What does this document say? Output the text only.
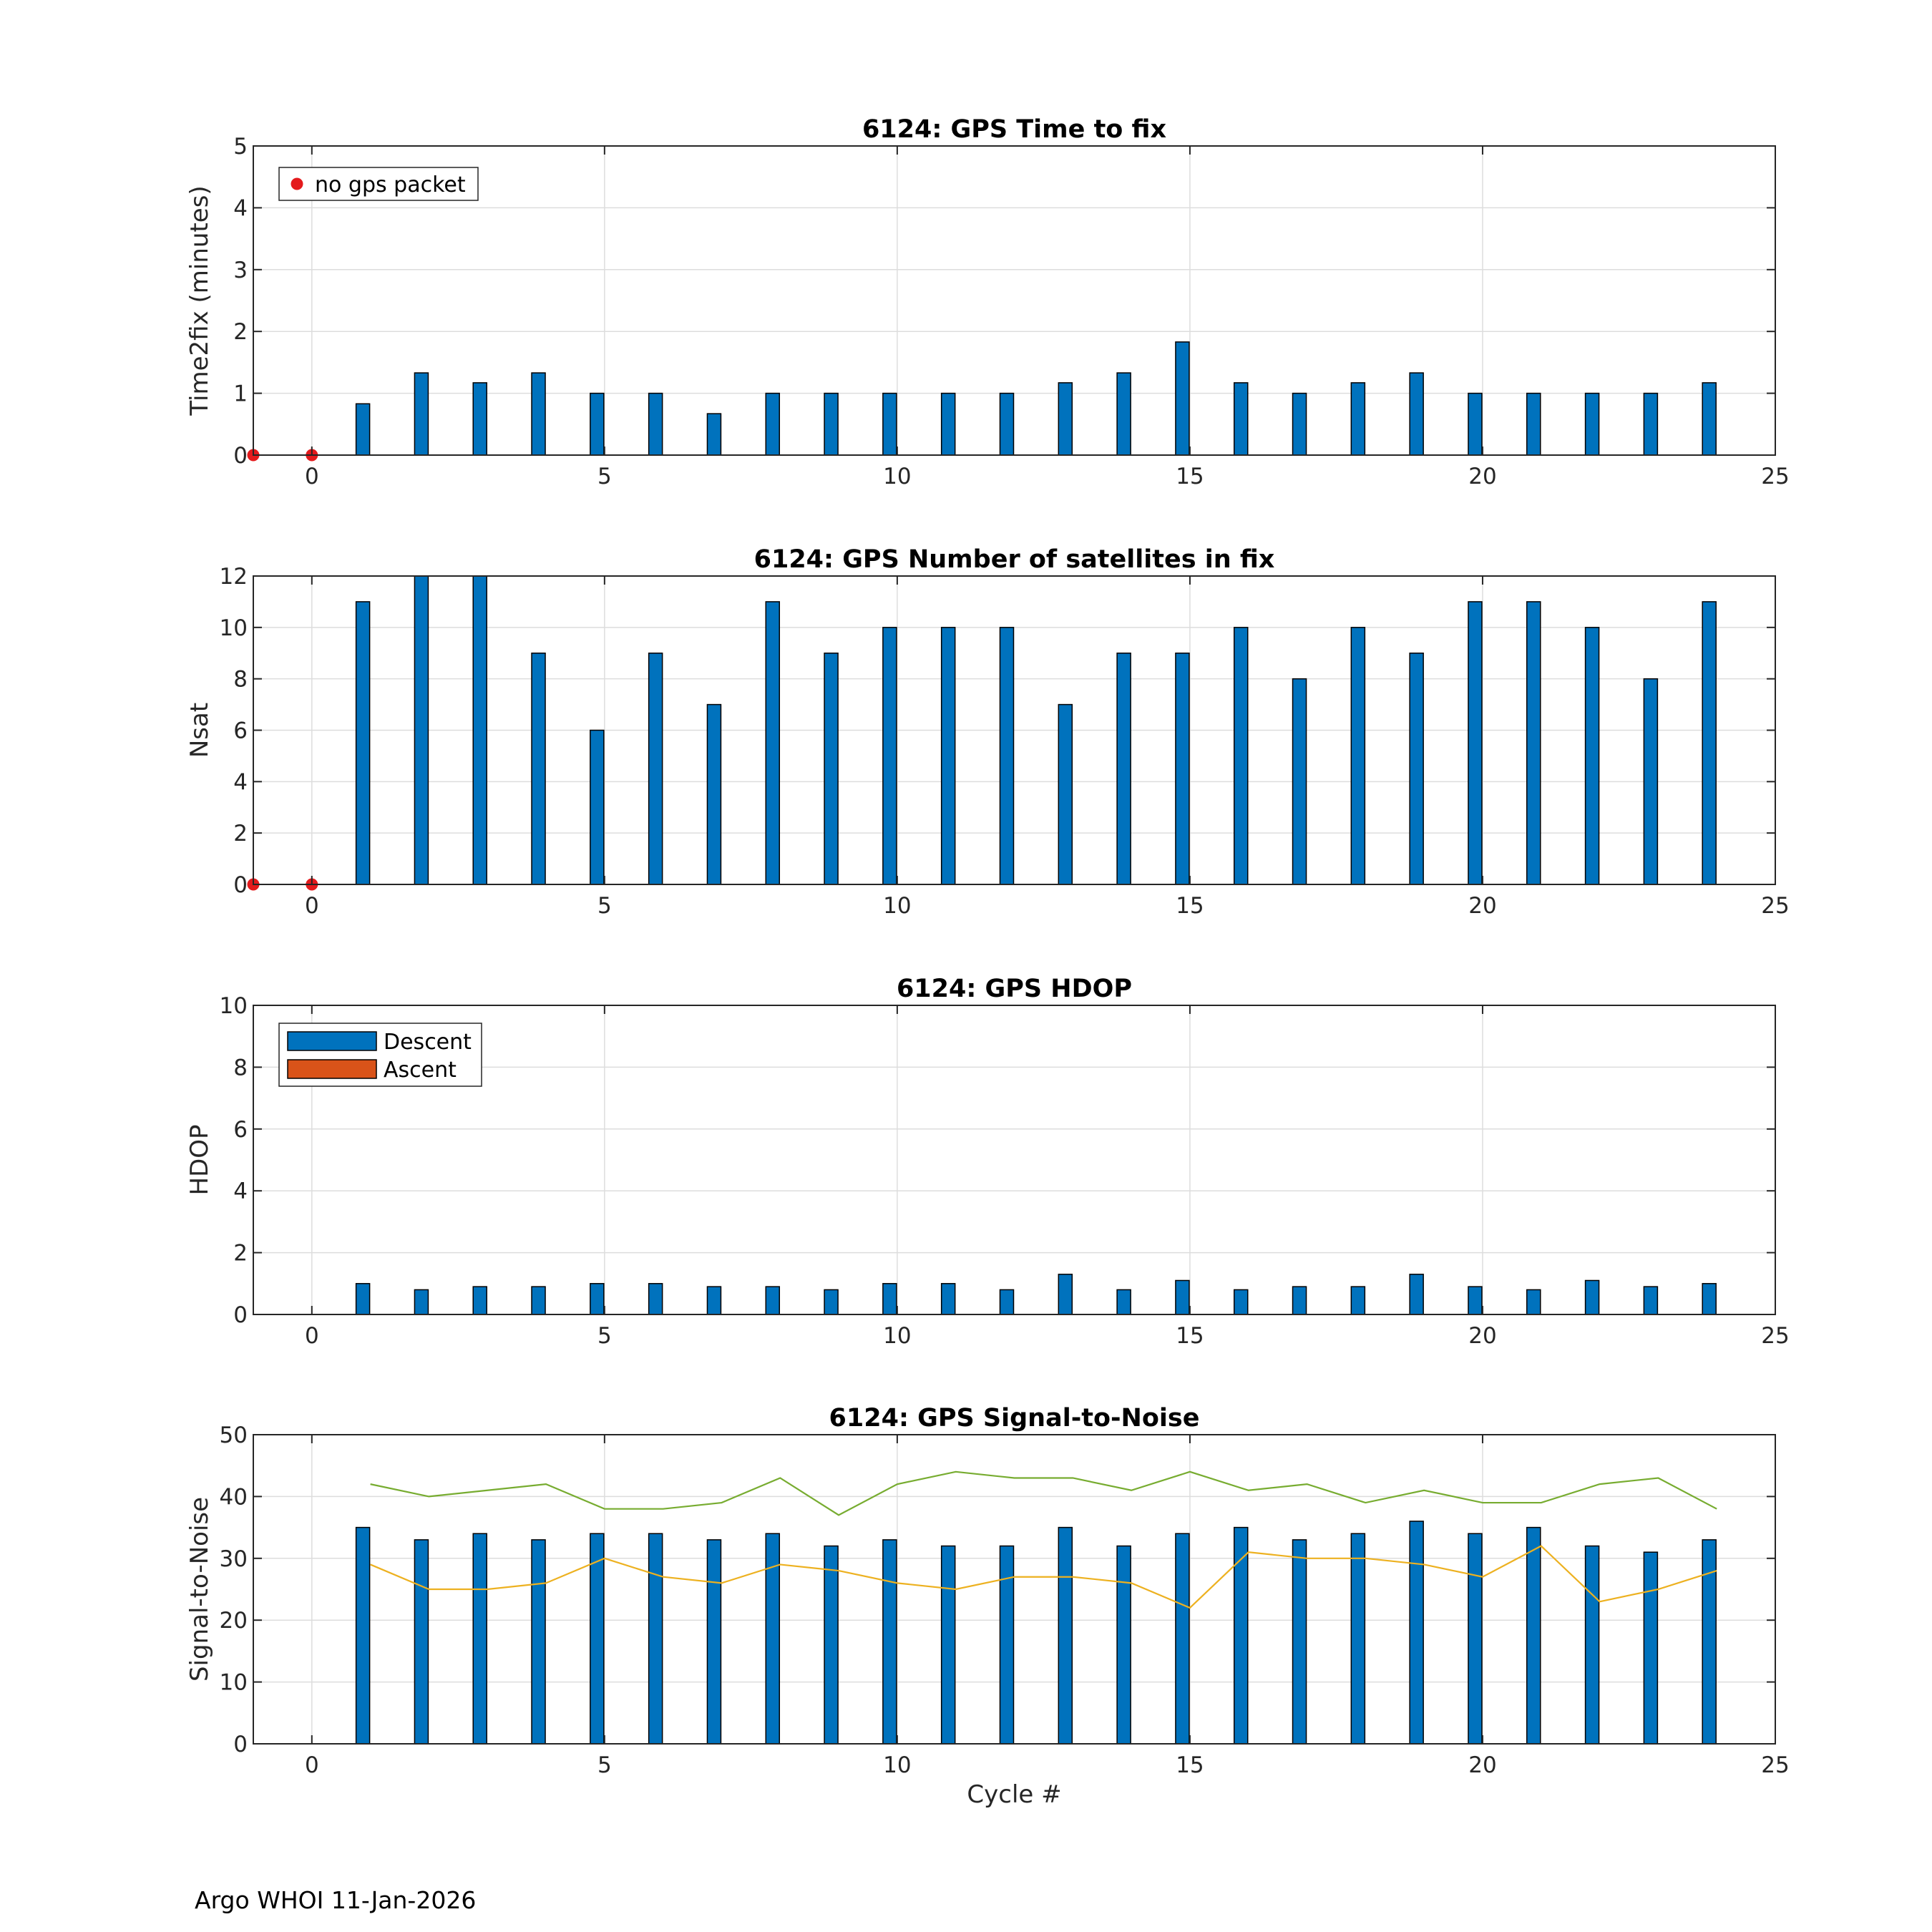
0	5	10	15	20	25
0
1
2
3
4
5
6124: GPS Time to fix
Time2fix (minutes)
no gps packet
0	5	10	15	20	25
0
2
4
6
8
10
12
6124: GPS Number of satellites in fix
Nsat
0	5	10	15	20	25
0
2
4
6
8
10
6124: GPS HDOP
HDOP
Descent
Ascent
0	5	10	15	20	25
0
10
20
30
40
50
6124: GPS Signal-to-Noise
Signal-to-Noise
Cycle #
Argo WHOI 11-Jan-2026
